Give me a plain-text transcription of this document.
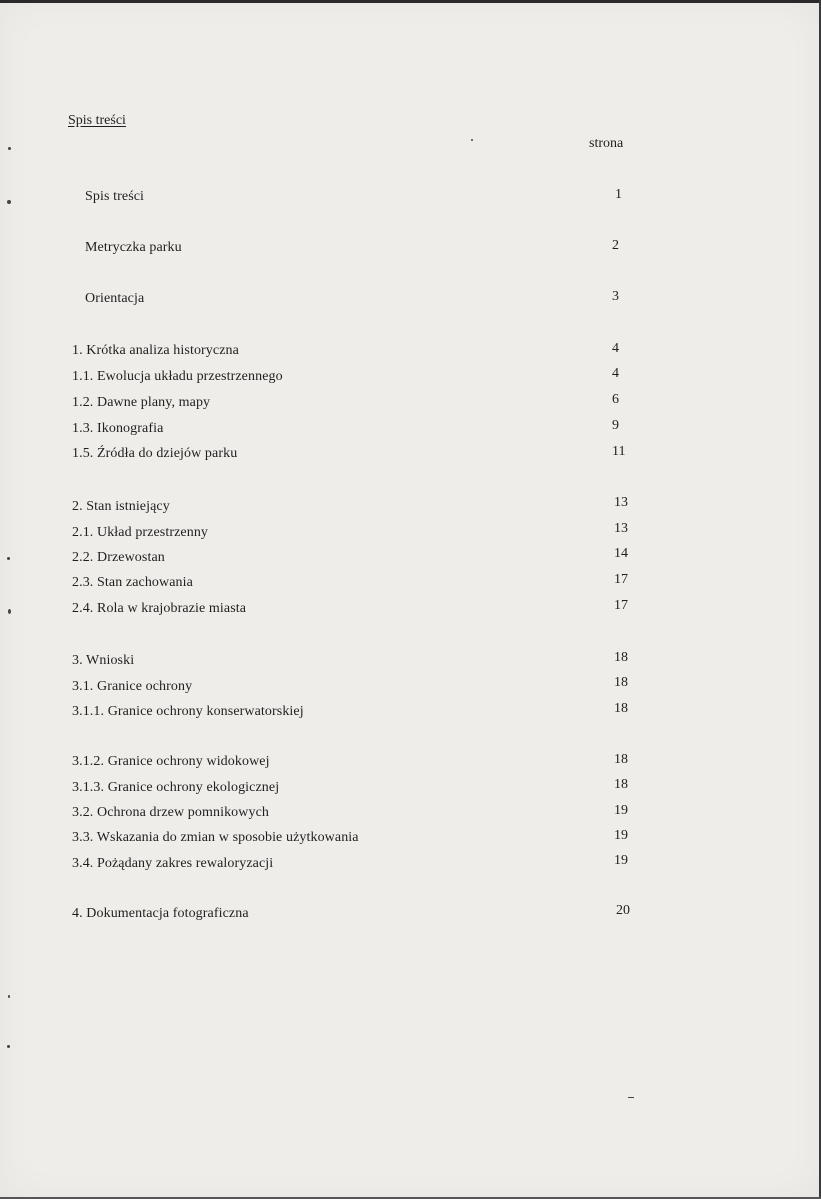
Spis treści
strona
Spis treści	1
Metryczka parku	2
Orientacja	3
1. Krótka analiza historyczna	4
1.1. Ewolucja układu przestrzennego	4
1.2. Dawne plany, mapy	6
1.3. Ikonografia	9
1.5. Źródła do dziejów parku	11
2. Stan istniejący	13
2.1. Układ przestrzenny	13
2.2. Drzewostan	14
2.3. Stan zachowania	17
2.4. Rola w krajobrazie miasta	17
3. Wnioski	18
3.1. Granice ochrony	18
3.1.1. Granice ochrony konserwatorskiej	18
3.1.2. Granice ochrony widokowej	18
3.1.3. Granice ochrony ekologicznej	18
3.2. Ochrona drzew pomnikowych	19
3.3. Wskazania do zmian w sposobie użytkowania	19
3.4. Pożądany zakres rewaloryzacji	19
4. Dokumentacja fotograficzna	20
